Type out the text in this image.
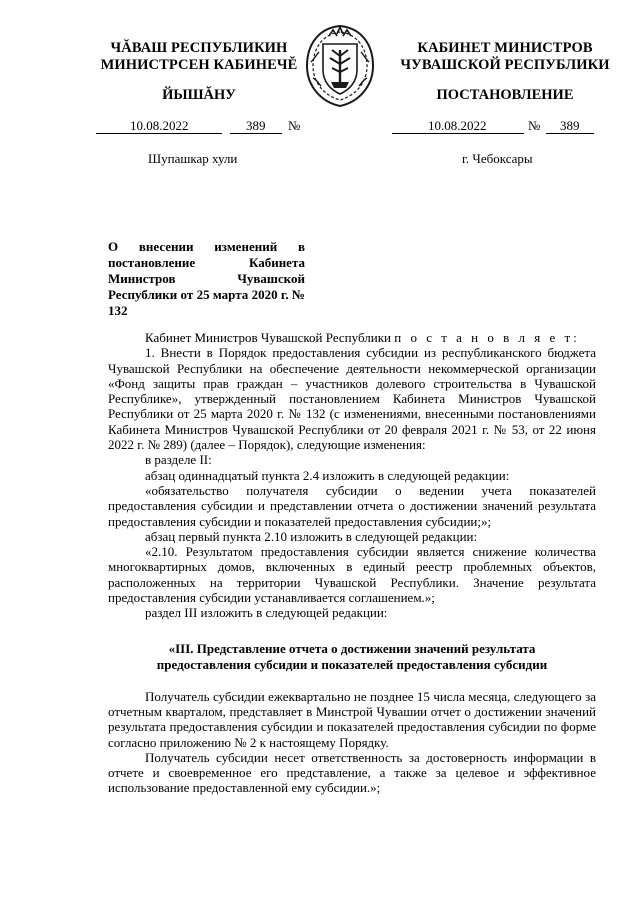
ЧĂВАШ РЕСПУБЛИКИН
МИНИСТРСЕН КАБИНЕЧĔ
ЙЫШĂНУ
КАБИНЕТ МИНИСТРОВ
ЧУВАШСКОЙ РЕСПУБЛИКИ
ПОСТАНОВЛЕНИЕ
10.08.2022	389 №
Шупашкар хули
10.08.2022	№ 389
г. Чебоксары
О внесении изменений в постановление Кабинета Министров Чувашской Республики от 25 марта 2020 г. № 132

Кабинет Министров Чувашской Республики п о с т а н о в л я е т:

1. Внести в Порядок предоставления субсидии из республиканского бюджета Чувашской Республики на обеспечение деятельности некоммерческой организации «Фонд защиты прав граждан – участников долевого строительства в Чувашской Республике», утвержденный постановлением Кабинета Министров Чувашской Республики от 25 марта 2020 г. № 132 (с изменениями, внесенными постановлениями Кабинета Министров Чувашской Республики от 20 февраля 2021 г. № 53, от 22 июня 2022 г. № 289) (далее – Порядок), следующие изменения:

в разделе II:

абзац одиннадцатый пункта 2.4 изложить в следующей редакции:

«обязательство получателя субсидии о ведении учета показателей предоставления субсидии и представлении отчета о достижении значений результата предоставления субсидии и показателей предоставления субсидии;»;

абзац первый пункта 2.10 изложить в следующей редакции:

«2.10. Результатом предоставления субсидии является снижение количества многоквартирных домов, включенных в единый реестр проблемных объектов, расположенных на территории Чувашской Республики. Значение результата предоставления субсидии устанавливается соглашением.»;

раздел III изложить в следующей редакции:

«III. Представление отчета о достижении значений результата
предоставления субсидии и показателей предоставления субсидии

Получатель субсидии ежеквартально не позднее 15 числа месяца, следующего за отчетным кварталом, представляет в Минстрой Чувашии отчет о достижении значений результата предоставления субсидии и показателей предоставления субсидии по форме согласно приложению № 2 к настоящему Порядку.

Получатель субсидии несет ответственность за достоверность информации в отчете и своевременное его представление, а также за целевое и эффективное использование предоставленной ему субсидии.»;
